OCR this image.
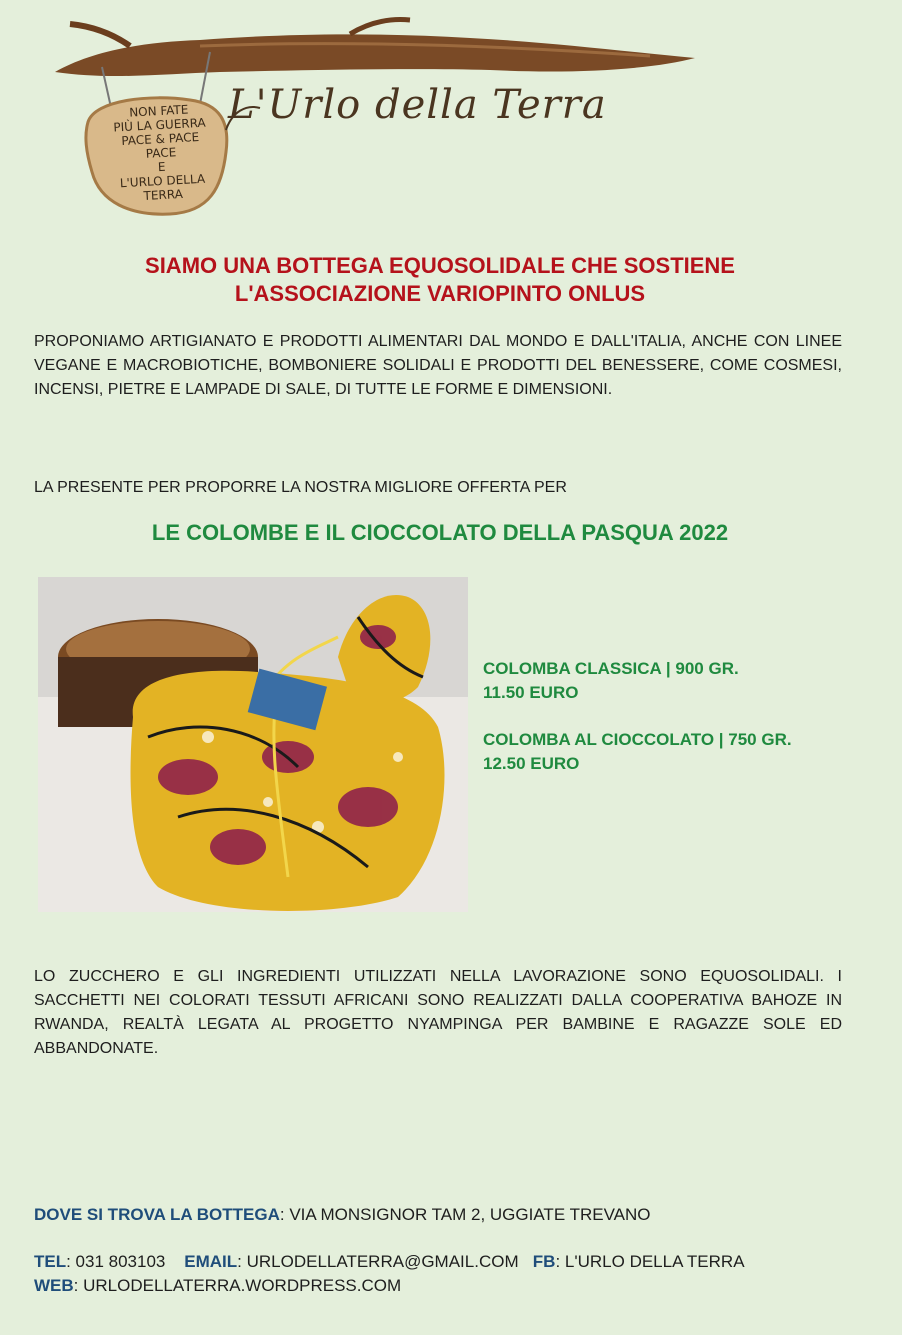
NON FATE
PIÙ LA GUERRA
PACE & PACE
PACE
E
L'URLO DELLA
TERRA
L'Urlo della Terra
SIAMO UNA BOTTEGA EQUOSOLIDALE CHE SOSTIENE
L'ASSOCIAZIONE VARIOPINTO ONLUS
PROPONIAMO ARTIGIANATO E PRODOTTI ALIMENTARI DAL MONDO E DALL'ITALIA, ANCHE CON LINEE VEGANE E MACROBIOTICHE, BOMBONIERE SOLIDALI E PRODOTTI DEL BENESSERE, COME COSMESI, INCENSI, PIETRE E LAMPADE DI SALE, DI TUTTE LE FORME E DIMENSIONI.
LA PRESENTE PER PROPORRE LA NOSTRA MIGLIORE OFFERTA PER
LE COLOMBE E IL CIOCCOLATO DELLA PASQUA 2022
COLOMBA CLASSICA | 900 GR.
11.50 EURO
COLOMBA AL CIOCCOLATO | 750 GR.
12.50 EURO
LO ZUCCHERO E GLI INGREDIENTI UTILIZZATI NELLA LAVORAZIONE SONO EQUOSOLIDALI. I SACCHETTI NEI COLORATI TESSUTI AFRICANI SONO REALIZZATI DALLA COOPERATIVA BAHOZE IN RWANDA, REALTÀ LEGATA AL PROGETTO NYAMPINGA PER BAMBINE E RAGAZZE SOLE ED ABBANDONATE.
DOVE SI TROVA LA BOTTEGA: VIA MONSIGNOR TAM 2, UGGIATE TREVANO
TEL: 031 803103 EMAIL: URLODELLATERRA@GMAIL.COM FB: L'URLO DELLA TERRA
WEB: URLODELLATERRA.WORDPRESS.COM
